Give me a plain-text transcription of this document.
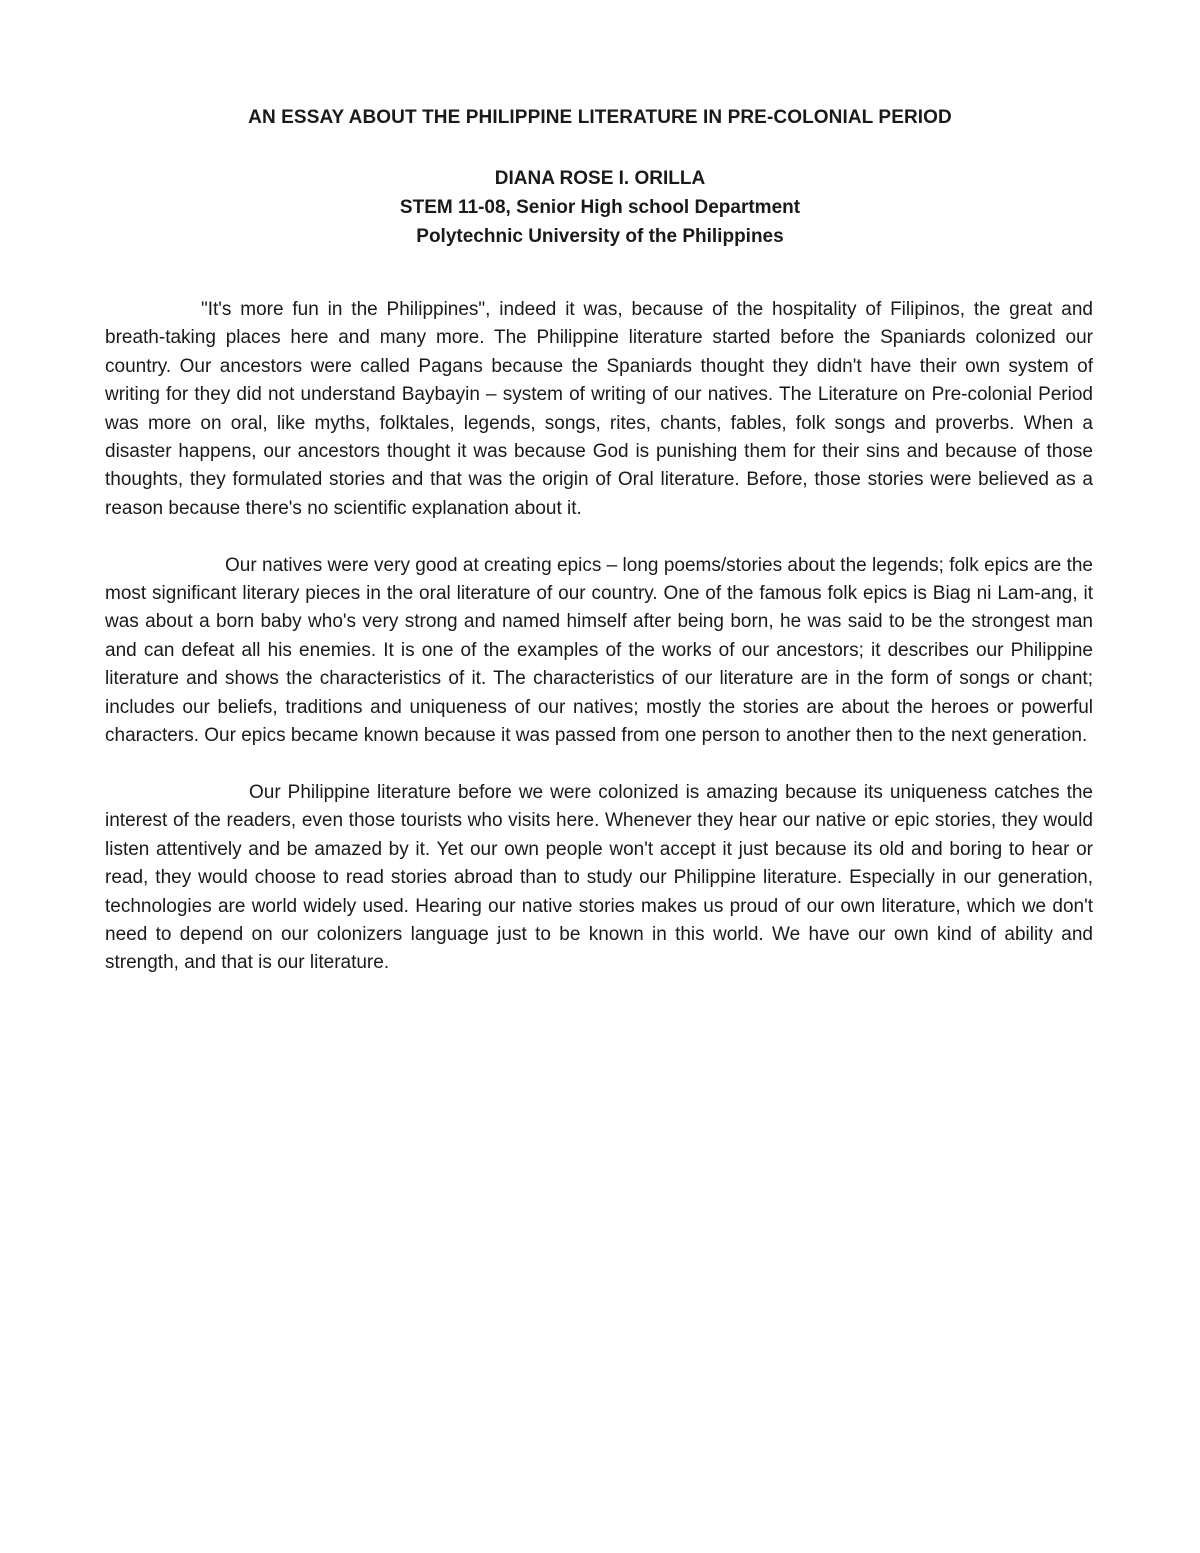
AN ESSAY ABOUT THE PHILIPPINE LITERATURE IN PRE-COLONIAL PERIOD
DIANA ROSE I. ORILLA
STEM 11-08, Senior High school Department
Polytechnic University of the Philippines

"It's more fun in the Philippines", indeed it was, because of the hospitality of Filipinos, the great and breath-taking places here and many more. The Philippine literature started before the Spaniards colonized our country. Our ancestors were called Pagans because the Spaniards thought they didn't have their own system of writing for they did not understand Baybayin – system of writing of our natives. The Literature on Pre-colonial Period was more on oral, like myths, folktales, legends, songs, rites, chants, fables, folk songs and proverbs. When a disaster happens, our ancestors thought it was because God is punishing them for their sins and because of those thoughts, they formulated stories and that was the origin of Oral literature. Before, those stories were believed as a reason because there's no scientific explanation about it.

Our natives were very good at creating epics – long poems/stories about the legends; folk epics are the most significant literary pieces in the oral literature of our country. One of the famous folk epics is Biag ni Lam-ang, it was about a born baby who's very strong and named himself after being born, he was said to be the strongest man and can defeat all his enemies. It is one of the examples of the works of our ancestors; it describes our Philippine literature and shows the characteristics of it. The characteristics of our literature are in the form of songs or chant; includes our beliefs, traditions and uniqueness of our natives; mostly the stories are about the heroes or powerful characters. Our epics became known because it was passed from one person to another then to the next generation.

Our Philippine literature before we were colonized is amazing because its uniqueness catches the interest of the readers, even those tourists who visits here. Whenever they hear our native or epic stories, they would listen attentively and be amazed by it. Yet our own people won't accept it just because its old and boring to hear or read, they would choose to read stories abroad than to study our Philippine literature. Especially in our generation, technologies are world widely used. Hearing our native stories makes us proud of our own literature, which we don't need to depend on our colonizers language just to be known in this world. We have our own kind of ability and strength, and that is our literature.
